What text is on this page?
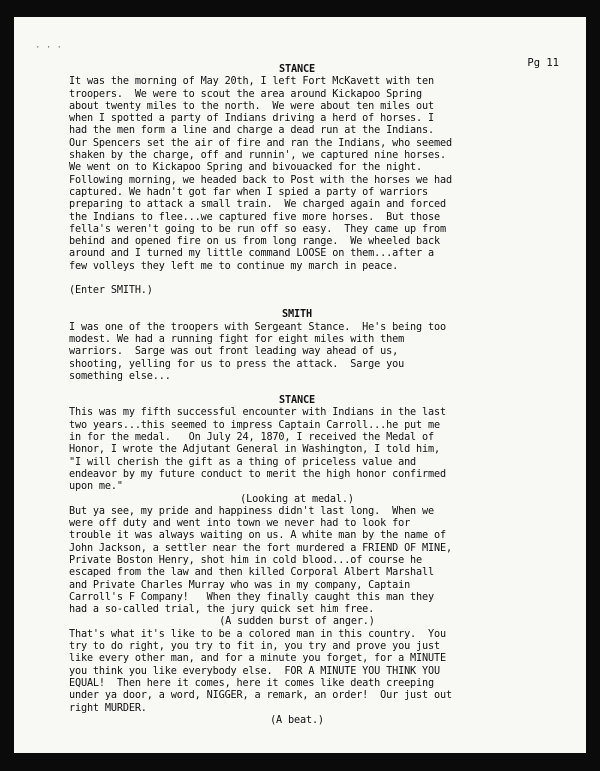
· · ·
Pg 11
STANCE
It was the morning of May 20th, I left Fort McKavett with ten
troopers.  We were to scout the area around Kickapoo Spring
about twenty miles to the north.  We were about ten miles out
when I spotted a party of Indians driving a herd of horses. I
had the men form a line and charge a dead run at the Indians.
Our Spencers set the air of fire and ran the Indians, who seemed
shaken by the charge, off and runnin', we captured nine horses.
We went on to Kickapoo Spring and bivouacked for the night.
Following morning, we headed back to Post with the horses we had
captured. We hadn't got far when I spied a party of warriors
preparing to attack a small train.  We charged again and forced
the Indians to flee...we captured five more horses.  But those
fella's weren't going to be run off so easy.  They came up from
behind and opened fire on us from long range.  We wheeled back
around and I turned my little command LOOSE on them...after a
few volleys they left me to continue my march in peace.
(Enter SMITH.)
SMITH
I was one of the troopers with Sergeant Stance.  He's being too
modest. We had a running fight for eight miles with them
warriors.  Sarge was out front leading way ahead of us,
shooting, yelling for us to press the attack.  Sarge you
something else...
STANCE
This was my fifth successful encounter with Indians in the last
two years...this seemed to impress Captain Carroll...he put me
in for the medal.   On July 24, 1870, I received the Medal of
Honor, I wrote the Adjutant General in Washington, I told him,
"I will cherish the gift as a thing of priceless value and
endeavor by my future conduct to merit the high honor confirmed
upon me."
(Looking at medal.)
But ya see, my pride and happiness didn't last long.  When we
were off duty and went into town we never had to look for
trouble it was always waiting on us. A white man by the name of
John Jackson, a settler near the fort murdered a FRIEND OF MINE,
Private Boston Henry, shot him in cold blood...of course he
escaped from the law and then killed Corporal Albert Marshall
and Private Charles Murray who was in my company, Captain
Carroll's F Company!   When they finally caught this man they
had a so-called trial, the jury quick set him free.
(A sudden burst of anger.)
That's what it's like to be a colored man in this country.  You
try to do right, you try to fit in, you try and prove you just
like every other man, and for a minute you forget, for a MINUTE
you think you like everybody else.  FOR A MINUTE YOU THINK YOU
EQUAL!  Then here it comes, here it comes like death creeping
under ya door, a word, NIGGER, a remark, an order!  Our just out
right MURDER.
(A beat.)
